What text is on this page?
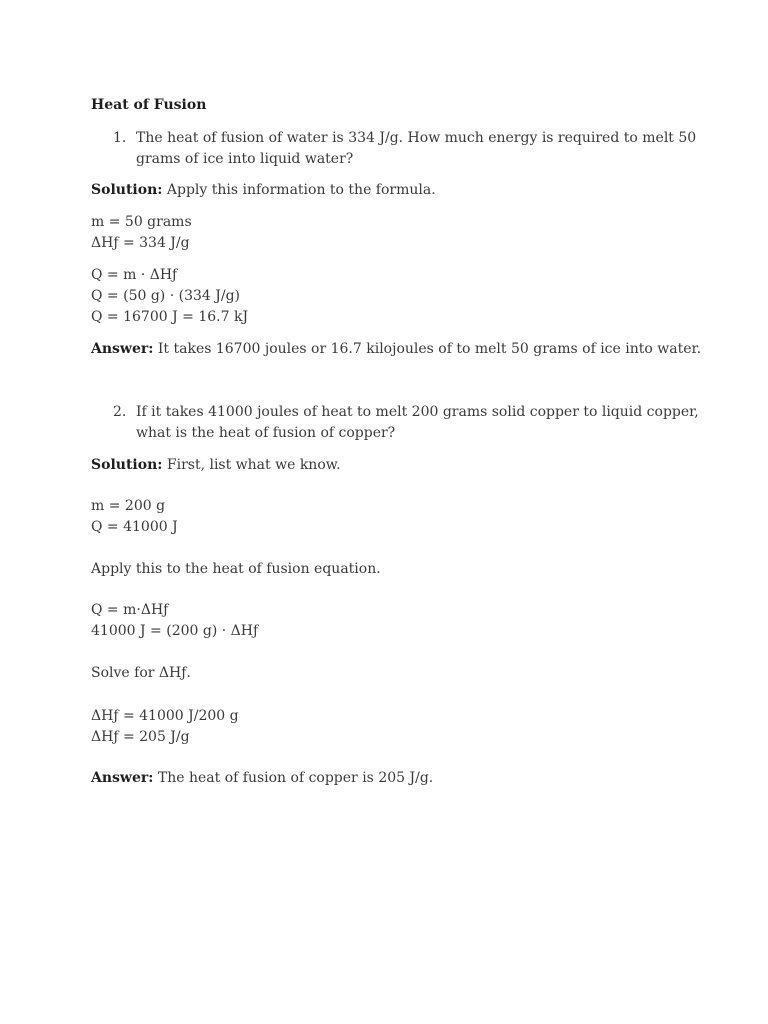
Heat of Fusion
1. The heat of fusion of water is 334 J/g. How much energy is required to melt 50
grams of ice into liquid water?
Solution: Apply this information to the formula.
m = 50 grams
ΔHƒ = 334 J/g
Q = m · ΔHƒ
Q = (50 g) · (334 J/g)
Q = 16700 J = 16.7 kJ
Answer: It takes 16700 joules or 16.7 kilojoules of to melt 50 grams of ice into water.
2. If it takes 41000 joules of heat to melt 200 grams solid copper to liquid copper,
what is the heat of fusion of copper?
Solution: First, list what we know.
m = 200 g
Q = 41000 J
Apply this to the heat of fusion equation.
Q = m·ΔHƒ
41000 J = (200 g) · ΔHƒ
Solve for ΔHƒ.
ΔHƒ = 41000 J/200 g
ΔHƒ = 205 J/g
Answer: The heat of fusion of copper is 205 J/g.
